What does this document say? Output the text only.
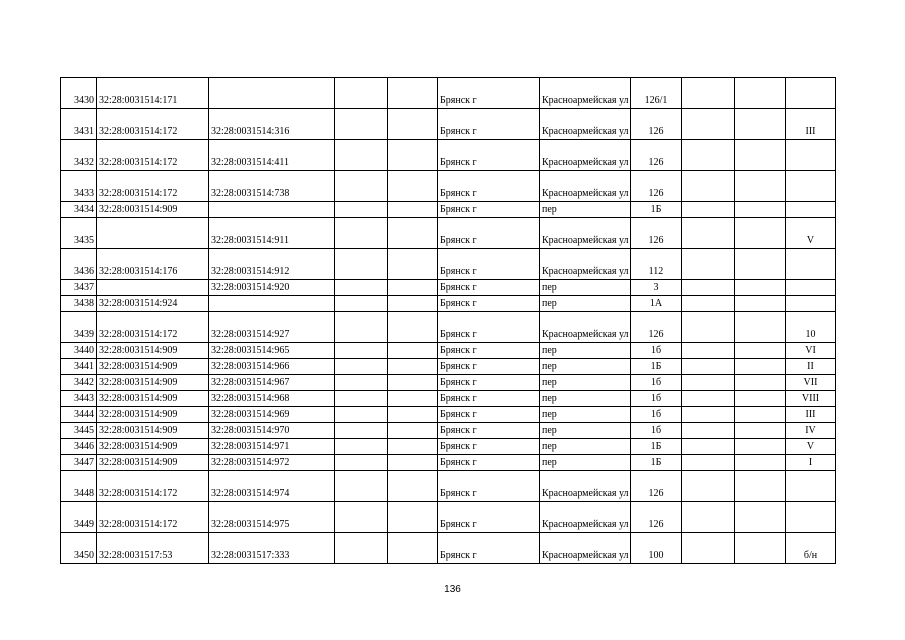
3430	32:28:0031514:171				Брянск г	Красноармейская ул	126/1			
3431	32:28:0031514:172	32:28:0031514:316			Брянск г	Красноармейская ул	126			III
3432	32:28:0031514:172	32:28:0031514:411			Брянск г	Красноармейская ул	126			
3433	32:28:0031514:172	32:28:0031514:738			Брянск г	Красноармейская ул	126			
3434	32:28:0031514:909				Брянск г	пер	1Б			
3435		32:28:0031514:911			Брянск г	Красноармейская ул	126			V
3436	32:28:0031514:176	32:28:0031514:912			Брянск г	Красноармейская ул	112			
3437		32:28:0031514:920			Брянск г	пер	3			
3438	32:28:0031514:924				Брянск г	пер	1А			
3439	32:28:0031514:172	32:28:0031514:927			Брянск г	Красноармейская ул	126			10
3440	32:28:0031514:909	32:28:0031514:965			Брянск г	пер	1б			VI
3441	32:28:0031514:909	32:28:0031514:966			Брянск г	пер	1Б			II
3442	32:28:0031514:909	32:28:0031514:967			Брянск г	пер	1б			VII
3443	32:28:0031514:909	32:28:0031514:968			Брянск г	пер	1б			VIII
3444	32:28:0031514:909	32:28:0031514:969			Брянск г	пер	1б			III
3445	32:28:0031514:909	32:28:0031514:970			Брянск г	пер	1б			IV
3446	32:28:0031514:909	32:28:0031514:971			Брянск г	пер	1Б			V
3447	32:28:0031514:909	32:28:0031514:972			Брянск г	пер	1Б			I
3448	32:28:0031514:172	32:28:0031514:974			Брянск г	Красноармейская ул	126			
3449	32:28:0031514:172	32:28:0031514:975			Брянск г	Красноармейская ул	126			
3450	32:28:0031517:53	32:28:0031517:333			Брянск г	Красноармейская ул	100			б/н
136
